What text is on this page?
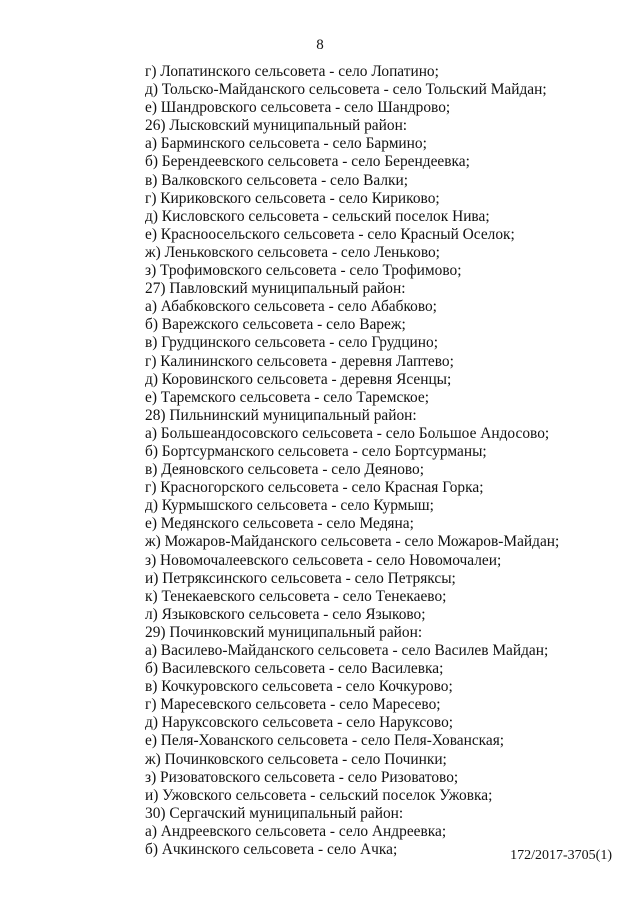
8
г) Лопатинского сельсовета - село Лопатино;
д) Тольско-Майданского сельсовета - село Тольский Майдан;
е) Шандровского сельсовета - село Шандрово;
26) Лысковский муниципальный район:
а) Барминского сельсовета - село Бармино;
б) Берендеевского сельсовета - село Берендеевка;
в) Валковского сельсовета - село Валки;
г) Кириковского сельсовета - село Кириково;
д) Кисловского сельсовета - сельский поселок Нива;
е) Красноосельского сельсовета - село Красный Оселок;
ж) Леньковского сельсовета - село Леньково;
з) Трофимовского сельсовета - село Трофимово;
27) Павловский муниципальный район:
а) Абабковского сельсовета - село Абабково;
б) Варежского сельсовета - село Вареж;
в) Грудцинского сельсовета - село Грудцино;
г) Калининского сельсовета - деревня Лаптево;
д) Коровинского сельсовета - деревня Ясенцы;
е) Таремского сельсовета - село Таремское;
28) Пильнинский муниципальный район:
а) Большеандосовского сельсовета - село Большое Андосово;
б) Бортсурманского сельсовета - село Бортсурманы;
в) Деяновского сельсовета - село Деяново;
г) Красногорского сельсовета - село Красная Горка;
д) Курмышского сельсовета - село Курмыш;
е) Медянского сельсовета - село Медяна;
ж) Можаров-Майданского сельсовета - село Можаров-Майдан;
з) Новомочалеевского сельсовета - село Новомочалеи;
и) Петряксинского сельсовета - село Петряксы;
к) Тенекаевского сельсовета - село Тенекаево;
л) Языковского сельсовета - село Языково;
29) Починковский муниципальный район:
а) Василево-Майданского сельсовета - село Василев Майдан;
б) Василевского сельсовета - село Василевка;
в) Кочкуровского сельсовета - село Кочкурово;
г) Маресевского сельсовета - село Маресево;
д) Наруксовского сельсовета - село Наруксово;
е) Пеля-Хованского сельсовета - село Пеля-Хованская;
ж) Починковского сельсовета - село Починки;
з) Ризоватовского сельсовета - село Ризоватово;
и) Ужовского сельсовета - сельский поселок Ужовка;
30) Сергачский муниципальный район:
а) Андреевского сельсовета - село Андреевка;
б) Ачкинского сельсовета - село Ачка;	172/2017-3705(1)
